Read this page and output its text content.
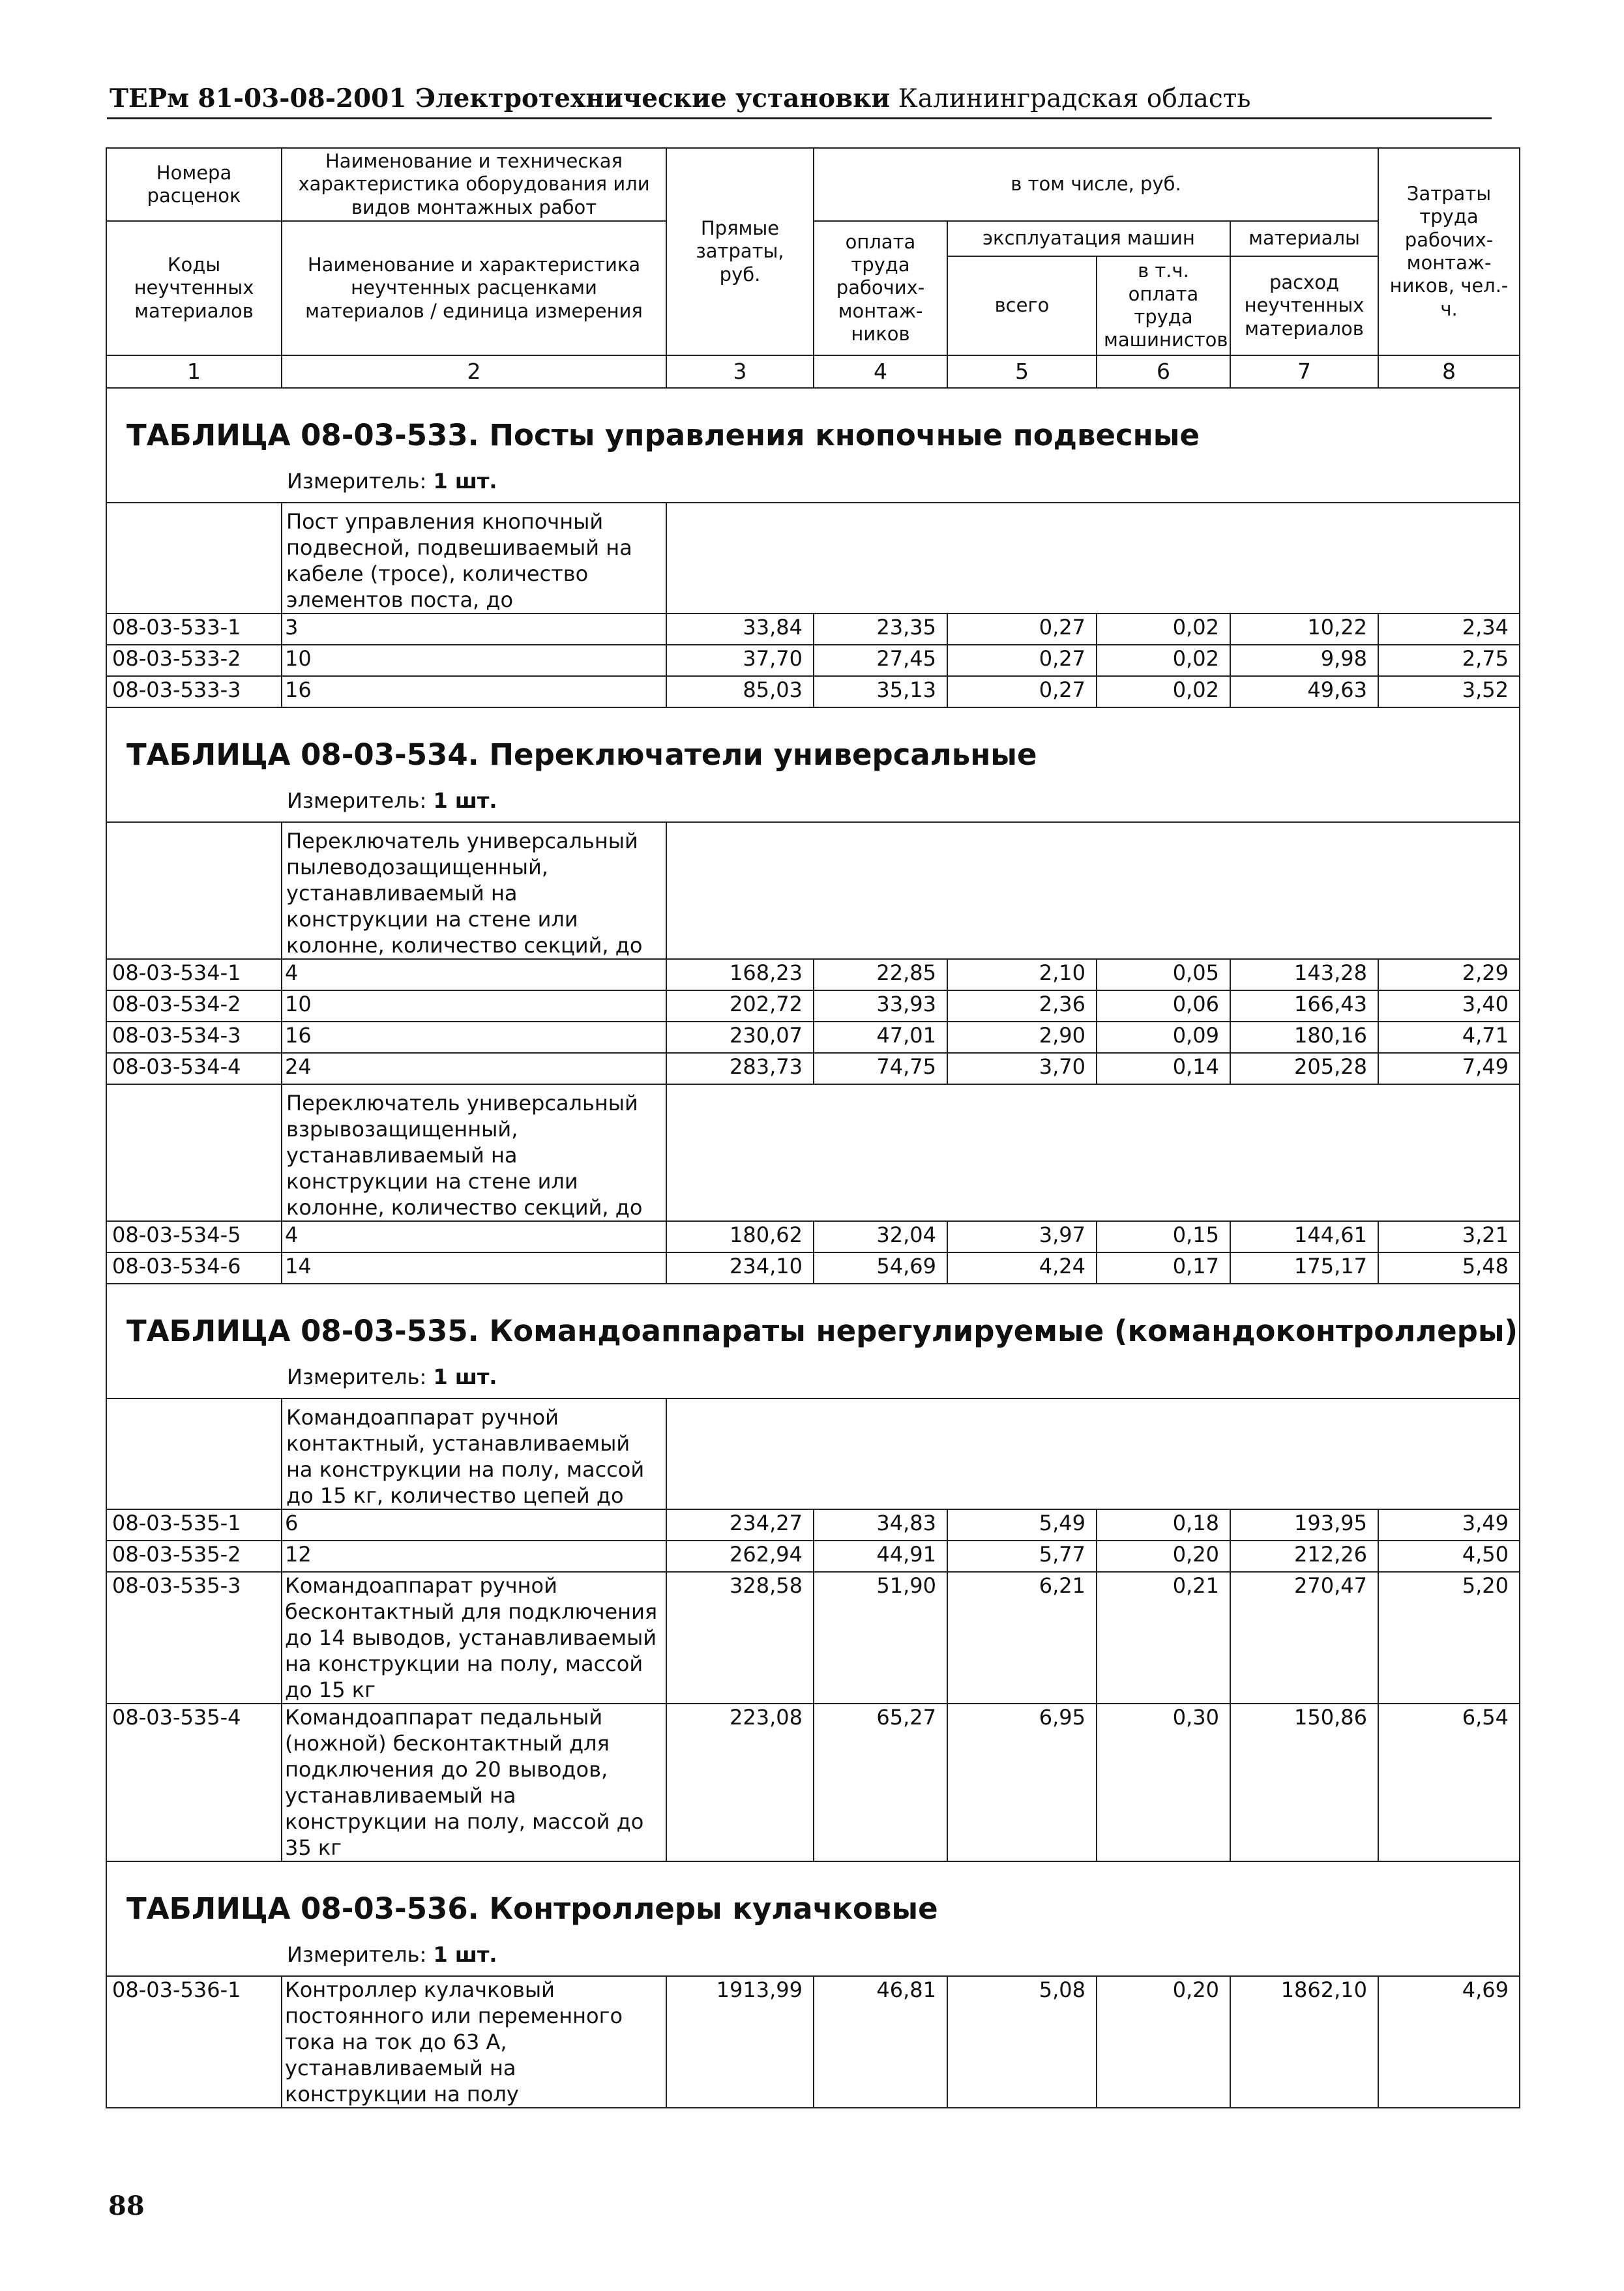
ТЕРм 81-03-08-2001 Электротехнические установки Калининградская область
Номера расценок	Наименование и техническая характеристика оборудования или видов монтажных работ	Прямые затраты, руб.	в том числе, руб.				Затраты труда рабочих-монтаж-ников, чел.-ч.
Коды неучтенных материалов	Наименование и характеристика неучтенных расценками материалов / единица измерения		оплата труда рабочих-монтаж-ников	эксплуатация машин		материалы	
				всего	в т.ч. оплата труда машинистов	расход неучтенных материалов	
1	2	3	4	5	6	7	8
ТАБЛИЦА 08-03-533. Посты управления кнопочные подвесные							
Измеритель: 1 шт.							
	Пост управления кнопочный подвесной, подвешиваемый на кабеле (тросе), количество элементов поста, до						
08-03-533-1	3	33,84	23,35	0,27	0,02	10,22	2,34
08-03-533-2	10	37,70	27,45	0,27	0,02	9,98	2,75
08-03-533-3	16	85,03	35,13	0,27	0,02	49,63	3,52
ТАБЛИЦА 08-03-534. Переключатели универсальные							
Измеритель: 1 шт.							
	Переключатель универсальный пылеводозащищенный, устанавливаемый на конструкции на стене или колонне, количество секций, до						
08-03-534-1	4	168,23	22,85	2,10	0,05	143,28	2,29
08-03-534-2	10	202,72	33,93	2,36	0,06	166,43	3,40
08-03-534-3	16	230,07	47,01	2,90	0,09	180,16	4,71
08-03-534-4	24	283,73	74,75	3,70	0,14	205,28	7,49
	Переключатель универсальный взрывозащищенный, устанавливаемый на конструкции на стене или колонне, количество секций, до						
08-03-534-5	4	180,62	32,04	3,97	0,15	144,61	3,21
08-03-534-6	14	234,10	54,69	4,24	0,17	175,17	5,48
ТАБЛИЦА 08-03-535. Командоаппараты нерегулируемые (командоконтроллеры)							
Измеритель: 1 шт.							
	Командоаппарат ручной контактный, устанавливаемый на конструкции на полу, массой до 15 кг, количество цепей до						
08-03-535-1	6	234,27	34,83	5,49	0,18	193,95	3,49
08-03-535-2	12	262,94	44,91	5,77	0,20	212,26	4,50
08-03-535-3	Командоаппарат ручной бесконтактный для подключения до 14 выводов, устанавливаемый на конструкции на полу, массой до 15 кг	328,58	51,90	6,21	0,21	270,47	5,20
08-03-535-4	Командоаппарат педальный (ножной) бесконтактный для подключения до 20 выводов, устанавливаемый на конструкции на полу, массой до 35 кг	223,08	65,27	6,95	0,30	150,86	6,54
ТАБЛИЦА 08-03-536. Контроллеры кулачковые							
Измеритель: 1 шт.							
08-03-536-1	Контроллер кулачковый постоянного или переменного тока на ток до 63 А, устанавливаемый на конструкции на полу	1913,99	46,81	5,08	0,20	1862,10	4,69
88
